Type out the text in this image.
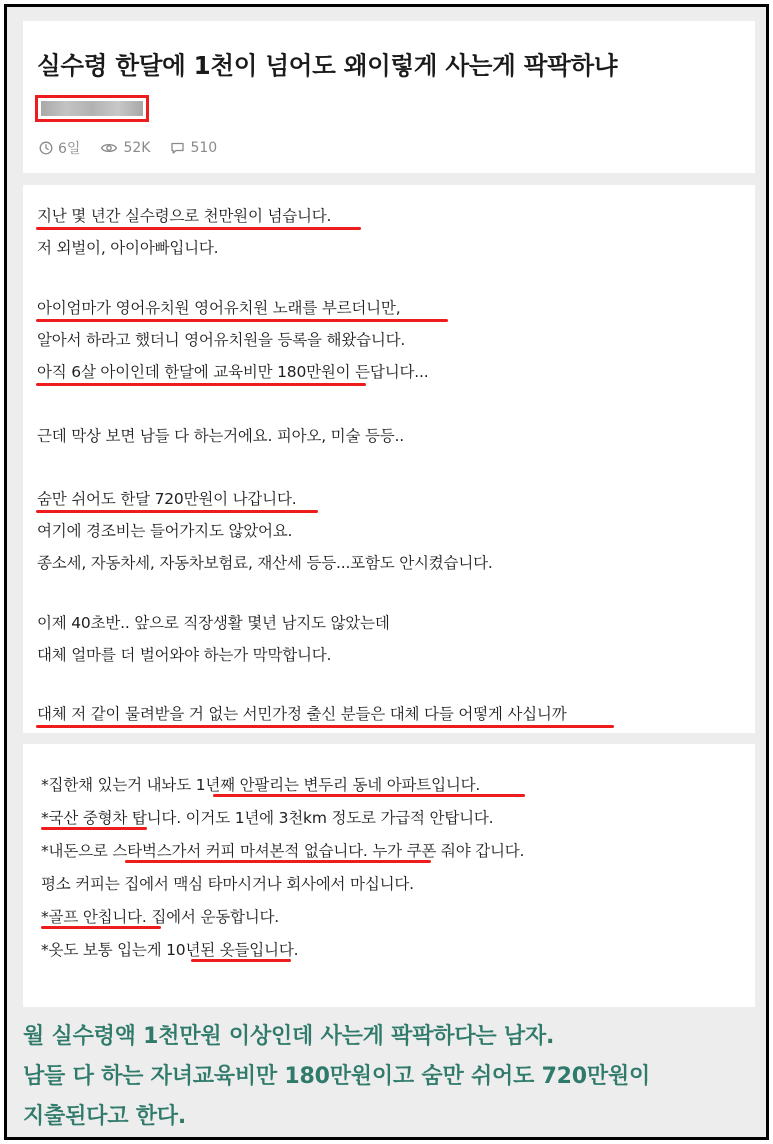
실수령 한달에 1천이 넘어도 왜이렇게 사는게 팍팍하냐
6일	52K	510
지난 몇 년간 실수령으로 천만원이 넘습니다.
저 외벌이, 아이아빠입니다.
아이엄마가 영어유치원 영어유치원 노래를 부르더니만,
알아서 하라고 했더니 영어유치원을 등록을 해왔습니다.
아직 6살 아이인데 한달에 교육비만 180만원이 든답니다...
근데 막상 보면 남들 다 하는거에요. 피아오, 미술 등등..
숨만 쉬어도 한달 720만원이 나갑니다.
여기에 경조비는 들어가지도 않았어요.
종소세, 자동차세, 자동차보험료, 재산세 등등...포함도 안시켰습니다.
이제 40초반.. 앞으로 직장생활 몇년 남지도 않았는데
대체 얼마를 더 벌어와야 하는가 막막합니다.
대체 저 같이 물려받을 거 없는 서민가정 출신 분들은 대체 다들 어떻게 사십니까
*집한채 있는거 내놔도 1년째 안팔리는 변두리 동네 아파트입니다.
*국산 중형차 탑니다. 이거도 1년에 3천km 정도로 가급적 안탑니다.
*내돈으로 스타벅스가서 커피 마셔본적 없습니다. 누가 쿠폰 줘야 갑니다.
평소 커피는 집에서 맥심 타마시거나 회사에서 마십니다.
*골프 안칩니다. 집에서 운동합니다.
*옷도 보통 입는게 10년된 옷들입니다.
월 실수령액 1천만원 이상인데 사는게 팍팍하다는 남자.
남들 다 하는 자녀교육비만 180만원이고 숨만 쉬어도 720만원이
지출된다고 한다.
